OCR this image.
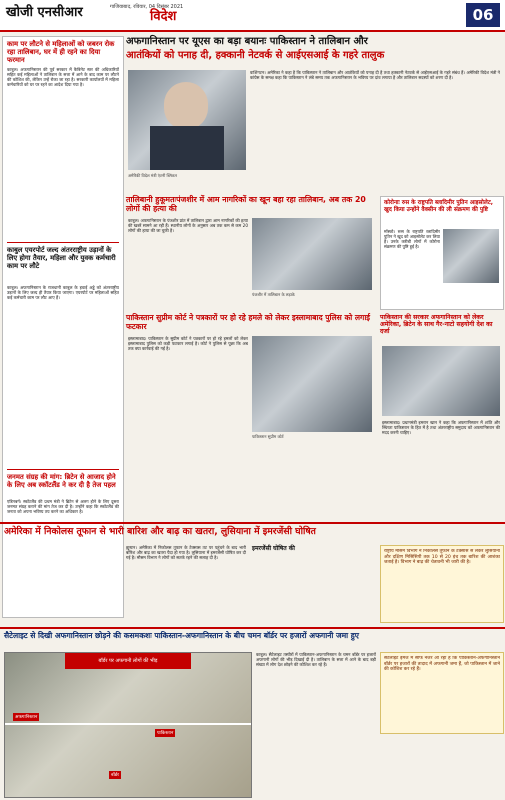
खोजी एनसीआर	गाजियाबाद, रविवार, 04 दिसंबर 2021
विदेश	06
काम पर लौटने से महिलाओं को जबरन रोक रहा तालिबान, घर में ही रहने का दिया फरमान
काबुल। अफगानिस्तान की पूर्व सरकार में कैबिनेट स्तर की अधिकारियों सहित कई महिलाओं ने तालिबान के सत्ता में आने के बाद काम पर लौटने की कोशिश की, लेकिन उन्हें रोका जा रहा है। सरकारी कार्यालयों में महिला कर्मचारियों को घर पर रहने का आदेश दिया गया है।
काबुल एयरपोर्ट जल्द अंतरराष्ट्रीय उड़ानों के लिए होगा तैयार, महिला और युवक कर्मचारी काम पर लौटे
काबुल। अफगानिस्तान के राजधानी काबुल के हवाई अड्डे को अंतरराष्ट्रीय उड़ानों के लिए जल्द ही तैयार किया जाएगा। एयरपोर्ट पर महिलाओं सहित कई कर्मचारी काम पर लौट आए हैं।
जनमत संग्रह की मांग: ब्रिटेन से आजाद होने के लिए अब स्कॉटलैंड ने कर दी है तेज पहल
एडिनबर्ग। स्कॉटलैंड की प्रथम मंत्री ने ब्रिटेन से अलग होने के लिए दूसरा जनमत संग्रह कराने की मांग तेज कर दी है। उन्होंने कहा कि स्कॉटलैंड की जनता को अपना भविष्य तय करने का अधिकार है।
अफगानिस्तान पर यूएस का बड़ा बयानः पाकिस्तान ने तालिबान और
आतंकियों को पनाह दी, हक्कानी नेटवर्क से आईएसआई के गहरे तालुक
अमेरिकी विदेश मंत्री एंटनी ब्लिंकन
वाशिंगटन। अमेरिका ने कहा है कि पाकिस्तान ने तालिबान और आतंकियों को पनाह दी है तथा हक्कानी नेटवर्क से आईएसआई के गहरे संबंध हैं। अमेरिकी विदेश मंत्री ने कांग्रेस के समक्ष कहा कि पाकिस्तान ने लंबे समय तक अफगानिस्तान के भविष्य पर दांव लगाया है और तालिबान सदस्यों को शरण दी है।
तालिबानी हुकूमतःपंजशीर में आम नागरिकों का खून बहा रहा तालिबान, अब तक 20 लोगों की हत्या की
काबुल। अफगानिस्तान के पंजशीर प्रांत में तालिबान द्वारा आम नागरिकों की हत्या की खबरें सामने आ रही हैं। स्थानीय लोगों के अनुसार अब तक कम से कम 20 लोगों की हत्या की जा चुकी है।
पंजशीर में तालिबान के लड़ाके
कोरोनाः रुस के राष्ट्रपति ब्लादिमीर पुतिन आइसोलेट, खुद किया उन्होंने वैक्सीन की ली संक्रमण की पुष्टि
मॉस्को। रूस के राष्ट्रपति व्लादिमीर पुतिन ने खुद को आइसोलेट कर लिया है। उनके करीबी लोगों में कोरोना संक्रमण की पुष्टि हुई है।
पाकिस्तान सुप्रीम कोर्ट ने पत्रकारों पर हो रहे हमले को लेकर इस्लामाबाद पुलिस को लगाई फटकार
इस्लामाबाद। पाकिस्तान के सुप्रीम कोर्ट ने पत्रकारों पर हो रहे हमलों को लेकर इस्लामाबाद पुलिस को कड़ी फटकार लगाई है। कोर्ट ने पुलिस से पूछा कि अब तक क्या कार्रवाई की गई है।
पाकिस्तान सुप्रीम कोर्ट
पाकिस्तान की सरकार अफगानिस्तान को लेकर अमेरिका, ब्रिटेन के साथ गैर-नाटो सहयोगी देश का दर्जा
इस्लामाबाद। प्रधानमंत्री इमरान खान ने कहा कि अफगानिस्तान में शांति और स्थिरता पाकिस्तान के हित में है तथा अंतरराष्ट्रीय समुदाय को अफगानिस्तान की मदद करनी चाहिए।
अमेरिका में निकोलस तूफान से भारी बारिश और बाढ़ का खतरा, लुसियाना में इमरजेंसी घोषित
ह्यूस्टन। अमेरिका में निकोलस तूफान के टेक्सास तट पर पहुंचने के बाद भारी बारिश और बाढ़ का खतरा पैदा हो गया है। लुसियाना में इमरजेंसी घोषित कर दी गई है। मौसम विभाग ने लोगों को सतर्क रहने की सलाह दी है।
इमरजेंसी घोषित की	राष्ट्रीय मौसम विभाग ने निकोलस तूफान के टेक्सास से लेकर लुसियाना और दक्षिण मिसिसिपी तक 10 से 20 इंच तक बारिश की आशंका जताई है। विभाग ने बाढ़ की चेतावनी भी जारी की है।
सैटेलाइट से दिखी अफगानिस्तान छोड़ने की कसमकशः पाकिस्तान-अफगानिस्तान के बीच चमन बॉर्डर पर हजारों अफगानी जमा हुए
बॉर्डर पर अफगानी लोगों की भीड़
अफगानिस्तान
पाकिस्तान
बॉर्डर
काबुल। सैटेलाइट तस्वीरों में पाकिस्तान-अफगानिस्तान के चमन बॉर्डर पर हजारों अफगानी लोगों की भीड़ दिखाई दी है। तालिबान के सत्ता में आने के बाद बड़ी संख्या में लोग देश छोड़ने की कोशिश कर रहे हैं।
सैटेलाइट इमेज में साफ नजर आ रहा है कि पाकिस्तान-अफगानिस्तान बॉर्डर पर हजारों की तादाद में अफगानी जमा हैं, जो पाकिस्तान में जाने की कोशिश कर रहे हैं।
